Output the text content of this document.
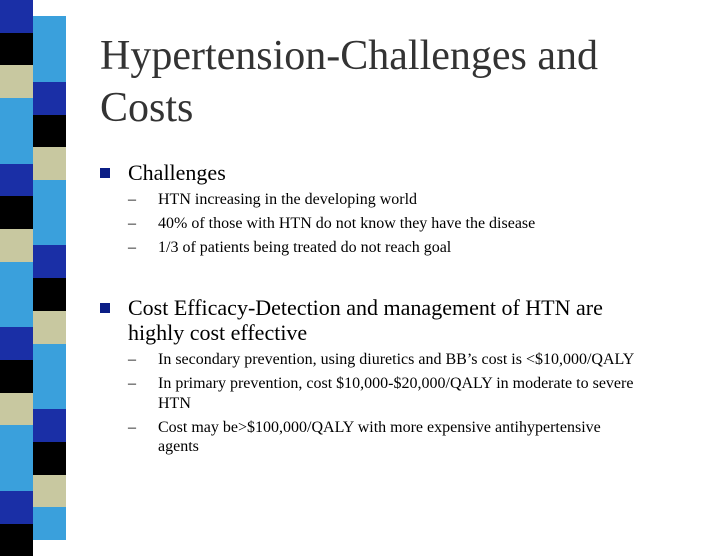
Hypertension-Challenges and
Costs
Challenges
– HTN increasing in the developing world
– 40% of those with HTN do not know they have the disease
– 1/3 of patients being treated do not reach goal
Cost Efficacy-Detection and management of HTN are
highly cost effective
– In secondary prevention, using diuretics and BB’s cost is <$10,000/QALY
– In primary prevention, cost $10,000-$20,000/QALY in moderate to severe
HTN
– Cost may be>$100,000/QALY with more expensive antihypertensive
agents
